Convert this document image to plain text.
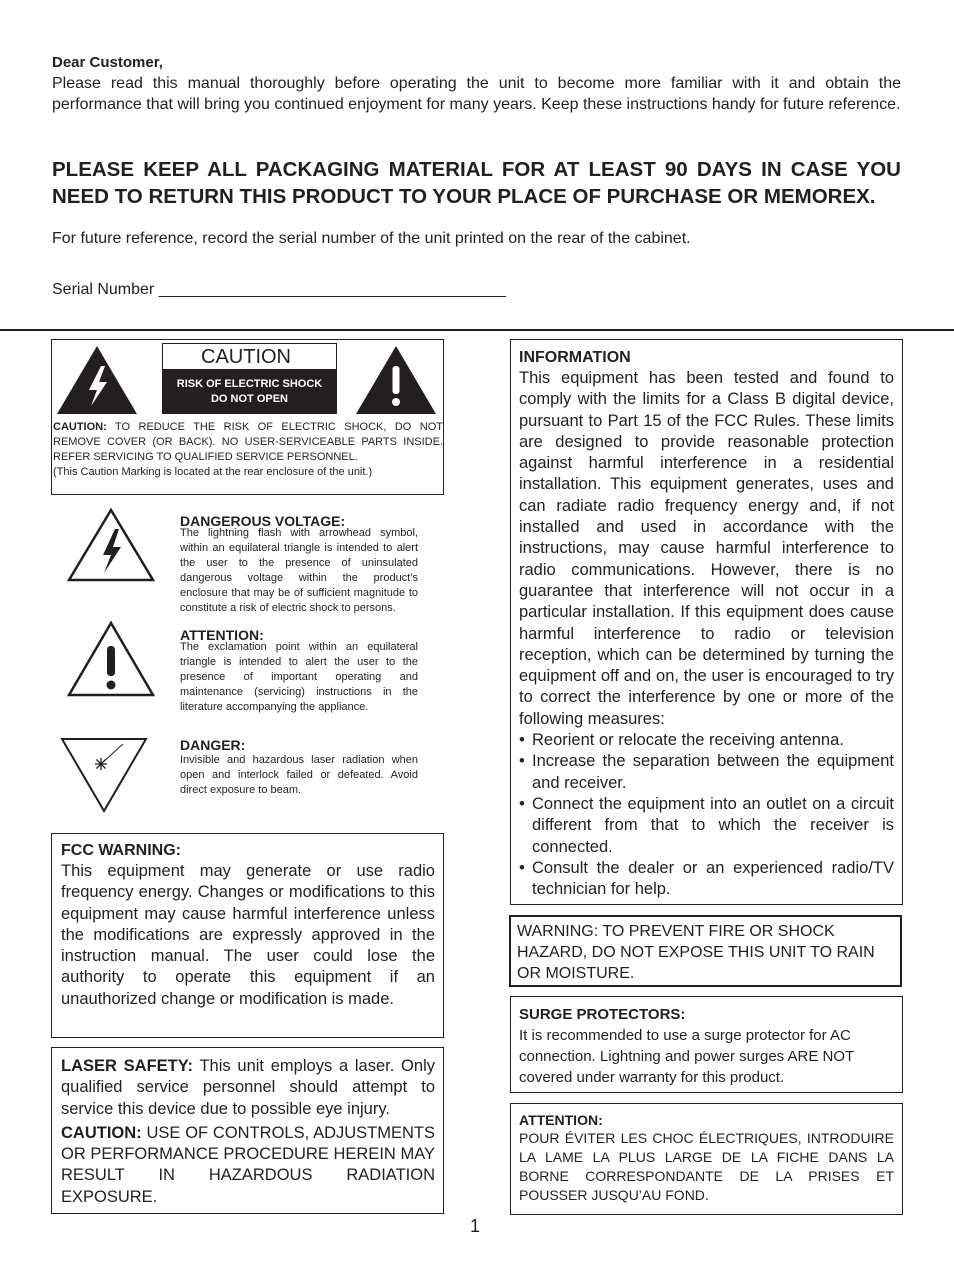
Dear Customer,
Please read this manual thoroughly before operating the unit to become more familiar with it and obtain the performance that will bring you continued enjoyment for many years. Keep these instructions handy for future reference.
PLEASE KEEP ALL PACKAGING MATERIAL FOR AT LEAST 90 DAYS IN CASE YOU NEED TO RETURN THIS PRODUCT TO YOUR PLACE OF PURCHASE OR MEMOREX.
For future reference, record the serial number of the unit printed on the rear of the cabinet.
Serial Number _______________________________________
CAUTION
RISK OF ELECTRIC SHOCK
DO NOT OPEN
CAUTION: TO REDUCE THE RISK OF ELECTRIC SHOCK, DO NOT REMOVE COVER (OR BACK). NO USER-SERVICEABLE PARTS INSIDE. REFER SERVICING TO QUALIFIED SERVICE PERSONNEL.
(This Caution Marking is located at the rear enclosure of the unit.)
DANGEROUS VOLTAGE:
The lightning flash with arrowhead symbol, within an equilateral triangle is intended to alert the user to the presence of uninsulated dangerous voltage within the product’s enclosure that may be of sufficient magnitude to constitute a risk of electric shock to persons.
ATTENTION:
The exclamation point within an equilateral triangle is intended to alert the user to the presence of important operating and maintenance (servicing) instructions in the literature accompanying the appliance.
DANGER:
Invisible and hazardous laser radiation when open and interlock failed or defeated. Avoid direct exposure to beam.
FCC WARNING:
This equipment may generate or use radio frequency energy. Changes or modifications to this equipment may cause harmful interference unless the modifications are expressly approved in the instruction manual. The user could lose the authority to operate this equipment if an unauthorized change or modification is made.
LASER SAFETY: This unit employs a laser. Only qualified service personnel should attempt to service this device due to possible eye injury.
CAUTION: USE OF CONTROLS, ADJUSTMENTS OR PERFORMANCE PROCEDURE HEREIN MAY RESULT IN HAZARDOUS RADIATION EXPOSURE.
INFORMATION
This equipment has been tested and found to comply with the limits for a Class B digital device, pursuant to Part 15 of the FCC Rules. These limits are designed to provide reasonable protection against harmful interference in a residential installation. This equipment generates, uses and can radiate radio frequency energy and, if not installed and used in accordance with the instructions, may cause harmful interference to radio communications. However, there is no guarantee that interference will not occur in a particular installation. If this equipment does cause harmful interference to radio or television reception, which can be determined by turning the equipment off and on, the user is encouraged to try to correct the interference by one or more of the following measures:
• Reorient or relocate the receiving antenna.
• Increase the separation between the equipment and receiver.
• Connect the equipment into an outlet on a circuit different from that to which the receiver is connected.
• Consult the dealer or an experienced radio/TV technician for help.
WARNING: TO PREVENT FIRE OR SHOCK HAZARD, DO NOT EXPOSE THIS UNIT TO RAIN OR MOISTURE.
SURGE PROTECTORS:
It is recommended to use a surge protector for AC connection. Lightning and power surges ARE NOT covered under warranty for this product.
ATTENTION:
POUR ÉVITER LES CHOC ÉLECTRIQUES, INTRODUIRE LA LAME LA PLUS LARGE DE LA FICHE DANS LA BORNE CORRESPONDANTE DE LA PRISES ET POUSSER JUSQU’AU FOND.
1
